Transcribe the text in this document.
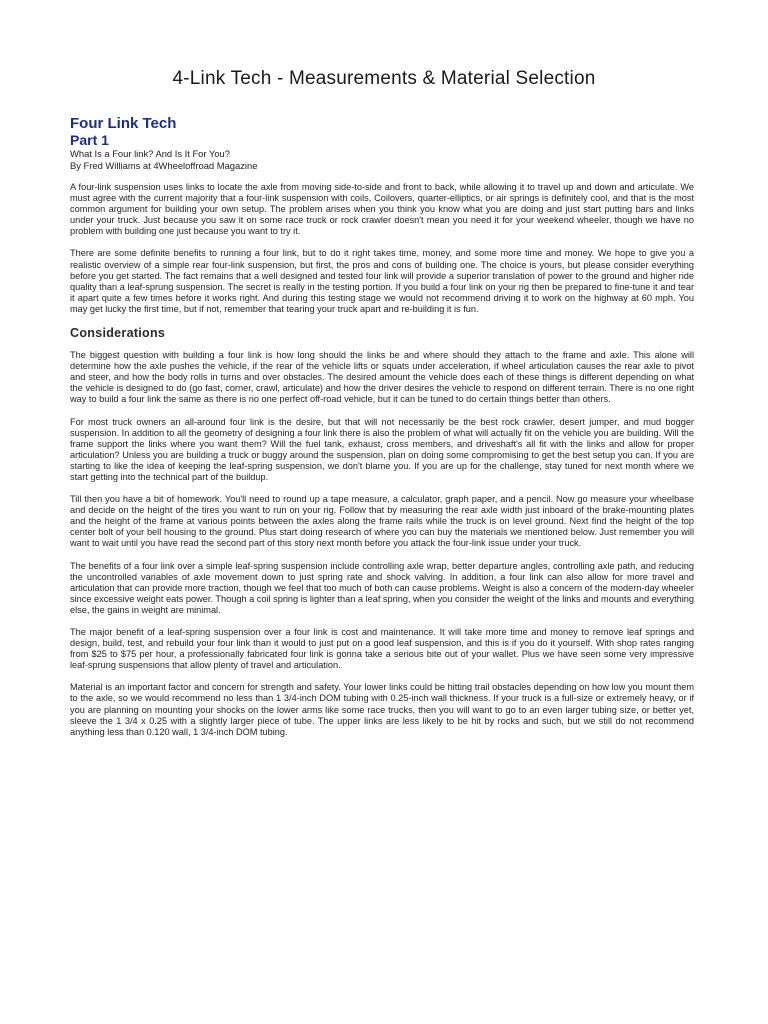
4-Link Tech - Measurements & Material Selection
Four Link Tech
Part 1

What Is a Four link? And Is It For You?

By Fred Williams at 4Wheeloffroad Magazine

A four-link suspension uses links to locate the axle from moving side-to-side and front to back, while allowing it to travel up and down and articulate. We must agree with the current majority that a four-link suspension with coils, Coilovers, quarter-elliptics, or air springs is definitely cool, and that is the most common argument for building your own setup. The problem arises when you think you know what you are doing and just start putting bars and links under your truck. Just because you saw it on some race truck or rock crawler doesn't mean you need it for your weekend wheeler, though we have no problem with building one just because you want to try it.

There are some definite benefits to running a four link, but to do it right takes time, money, and some more time and money. We hope to give you a realistic overview of a simple rear four-link suspension, but first, the pros and cons of building one. The choice is yours, but please consider everything before you get started. The fact remains that a well designed and tested four link will provide a superior translation of power to the ground and higher ride quality than a leaf-sprung suspension. The secret is really in the testing portion. If you build a four link on your rig then be prepared to fine-tune it and tear it apart quite a few times before it works right. And during this testing stage we would not recommend driving it to work on the highway at 60 mph. You may get lucky the first time, but if not, remember that tearing your truck apart and re-building it is fun.

Considerations

The biggest question with building a four link is how long should the links be and where should they attach to the frame and axle. This alone will determine how the axle pushes the vehicle, if the rear of the vehicle lifts or squats under acceleration, if wheel articulation causes the rear axle to pivot and steer, and how the body rolls in turns and over obstacles. The desired amount the vehicle does each of these things is different depending on what the vehicle is designed to do (go fast, corner, crawl, articulate) and how the driver desires the vehicle to respond on different terrain. There is no one right way to build a four link the same as there is no one perfect off-road vehicle, but it can be tuned to do certain things better than others.

For most truck owners an all-around four link is the desire, but that will not necessarily be the best rock crawler, desert jumper, and mud bogger suspension. In addition to all the geometry of designing a four link there is also the problem of what will actually fit on the vehicle you are building. Will the frame support the links where you want them? Will the fuel tank, exhaust, cross members, and driveshaft's all fit with the links and allow for proper articulation? Unless you are building a truck or buggy around the suspension, plan on doing some compromising to get the best setup you can. If you are starting to like the idea of keeping the leaf-spring suspension, we don't blame you. If you are up for the challenge, stay tuned for next month where we start getting into the technical part of the buildup.

Till then you have a bit of homework. You'll need to round up a tape measure, a calculator, graph paper, and a pencil. Now go measure your wheelbase and decide on the height of the tires you want to run on your rig. Follow that by measuring the rear axle width just inboard of the brake-mounting plates and the height of the frame at various points between the axles along the frame rails while the truck is on level ground. Next find the height of the top center bolt of your bell housing to the ground. Plus start doing research of where you can buy the materials we mentioned below. Just remember you will want to wait until you have read the second part of this story next month before you attack the four-link issue under your truck.

The benefits of a four link over a simple leaf-spring suspension include controlling axle wrap, better departure angles, controlling axle path, and reducing the uncontrolled variables of axle movement down to just spring rate and shock valving. In addition, a four link can also allow for more travel and articulation that can provide more traction, though we feel that too much of both can cause problems. Weight is also a concern of the modern-day wheeler since excessive weight eats power. Though a coil spring is lighter than a leaf spring, when you consider the weight of the links and mounts and everything else, the gains in weight are minimal.

The major benefit of a leaf-spring suspension over a four link is cost and maintenance. It will take more time and money to remove leaf springs and design, build, test, and rebuild your four link than it would to just put on a good leaf suspension, and this is if you do it yourself. With shop rates ranging from $25 to $75 per hour, a professionally fabricated four link is gonna take a serious bite out of your wallet. Plus we have seen some very impressive leaf-sprung suspensions that allow plenty of travel and articulation.

Material is an important factor and concern for strength and safety. Your lower links could be hitting trail obstacles depending on how low you mount them to the axle, so we would recommend no less than 1 3/4-inch DOM tubing with 0.25-inch wall thickness. If your truck is a full-size or extremely heavy, or if you are planning on mounting your shocks on the lower arms like some race trucks, then you will want to go to an even larger tubing size, or better yet, sleeve the 1 3/4 x 0.25 with a slightly larger piece of tube. The upper links are less likely to be hit by rocks and such, but we still do not recommend anything less than 0.120 wall, 1 3/4-inch DOM tubing.
